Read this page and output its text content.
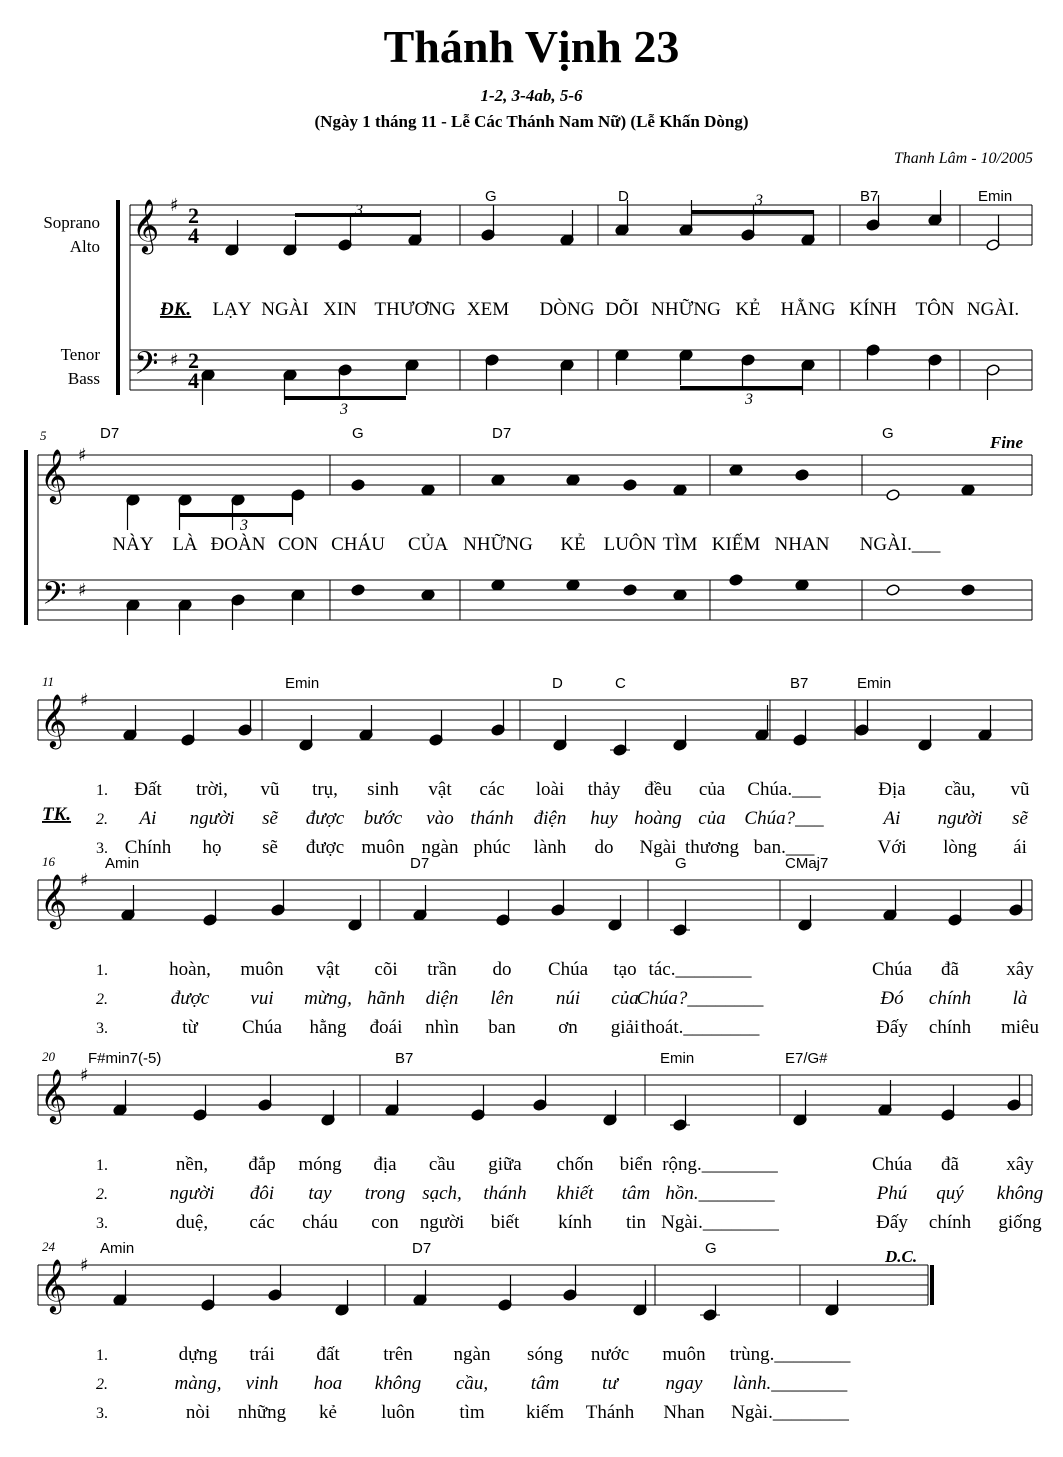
Thánh Vịnh 23
1-2, 3-4ab, 5-6
(Ngày 1 tháng 11 - Lễ Các Thánh Nam Nữ) (Lễ Khấn Dòng)
Thanh Lâm - 10/2005
𝄞
𝄢
♯
♯
2
4
2
4
𝄞
𝄢
♯
♯
Soprano
Alto
Tenor
Bass
3
3
3
3
3
G	D	B7	Emin
D7	G	D7	G
5	Fine
ĐK. LẠY NGÀI XIN THƯƠNG XEM DÒNG DÕI NHỮNG KẺ HẰNG KÍNH TÔN NGÀI.
NÀY LÀ ĐOÀN CON CHÁU CỦA NHỮNG KẺ LUÔN TÌM KIẾM NHAN NGÀI.___
𝄞 ♯
Emin	D	C	B7	Emin
11
1. Đất trời, vũ trụ, sinh vật các loài thảy đều của Chúa.___	Địa cầu, vũ
2. Ai người sẽ được bước vào thánh điện huy hoàng của Chúa?___	Ai người sẽ
3. Chính họ sẽ được muôn ngàn phúc lành do Ngài thương ban.___	Với lòng ái
𝄞 ♯
Amin	D7	G	CMaj7
16
1.	hoàn, muôn vật cõi trần do Chúa tạo tác.________	Chúa đã xây
2.	được vui mừng, hãnh diện lên núi của
Chúa?________	Đó chính là
3.	từ Chúa hằng đoái nhìn ban ơn giải thoát.________	Đấy chính miêu
𝄞 ♯
F#min7(-5)	B7	Emin	E7/G#
20
1.	nền, đắp móng địa cầu giữa chốn biển rộng.________	Chúa đã xây
2.	người đôi tay trong sạch, thánh khiết tâm hồn.________	Phú quý không
3.	duệ, các cháu con người biết kính tin Ngài.________	Đấy chính giống
𝄞 ♯
Amin	D7	G
24
1.	dựng trái đất trên ngàn sóng nước muôn trùng.________
2.	màng, vinh hoa không cầu, tâm tư	ngay lành.________
3.	nòi những kẻ luôn tìm kiếm Thánh Nhan Ngài.________
D.C.
TK.
